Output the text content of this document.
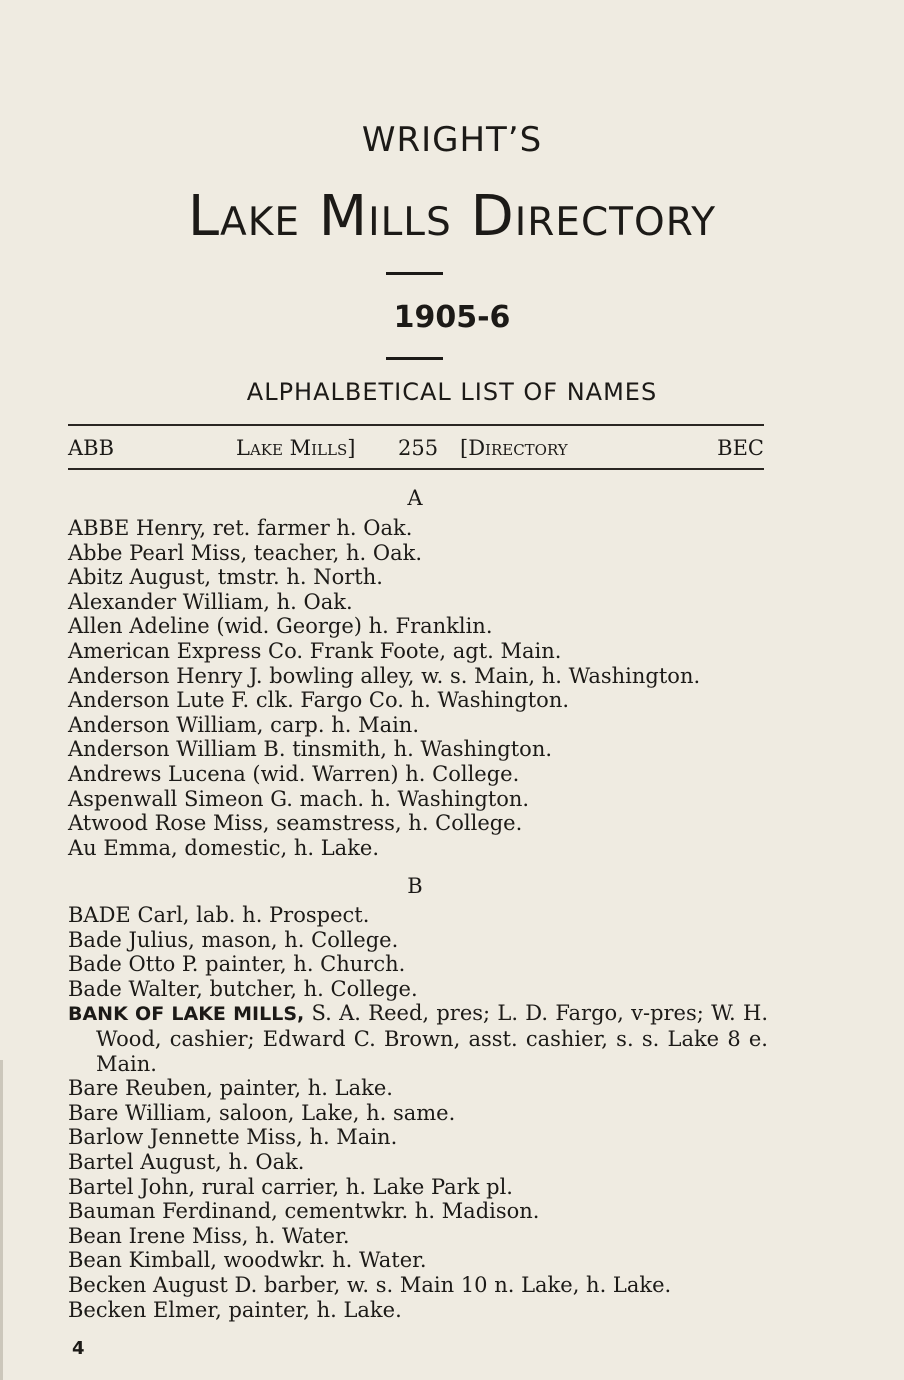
WRIGHT’S
Lake Mills Directory
1905-6
ALPHALBETICAL LIST OF NAMES
ABB	Lake Mills] 255 [Directory	BEC
A
ABBE Henry, ret. farmer h. Oak.
Abbe Pearl Miss, teacher, h. Oak.
Abitz August, tmstr. h. North.
Alexander William, h. Oak.
Allen Adeline (wid. George) h. Franklin.
American Express Co. Frank Foote, agt. Main.
Anderson Henry J. bowling alley, w. s. Main, h. Washington.
Anderson Lute F. clk. Fargo Co. h. Washington.
Anderson William, carp. h. Main.
Anderson William B. tinsmith, h. Washington.
Andrews Lucena (wid. Warren) h. College.
Aspenwall Simeon G. mach. h. Washington.
Atwood Rose Miss, seamstress, h. College.
Au Emma, domestic, h. Lake.
B
BADE Carl, lab. h. Prospect.
Bade Julius, mason, h. College.
Bade Otto P. painter, h. Church.
Bade Walter, butcher, h. College.
BANK OF LAKE MILLS, S. A. Reed, pres; L. D. Fargo, v-pres; W. H. Wood, cashier; Edward C. Brown, asst. cashier, s. s. Lake 8 e. Main.
Bare Reuben, painter, h. Lake.
Bare William, saloon, Lake, h. same.
Barlow Jennette Miss, h. Main.
Bartel August, h. Oak.
Bartel John, rural carrier, h. Lake Park pl.
Bauman Ferdinand, cementwkr. h. Madison.
Bean Irene Miss, h. Water.
Bean Kimball, woodwkr. h. Water.
Becken August D. barber, w. s. Main 10 n. Lake, h. Lake.
Becken Elmer, painter, h. Lake.
4
